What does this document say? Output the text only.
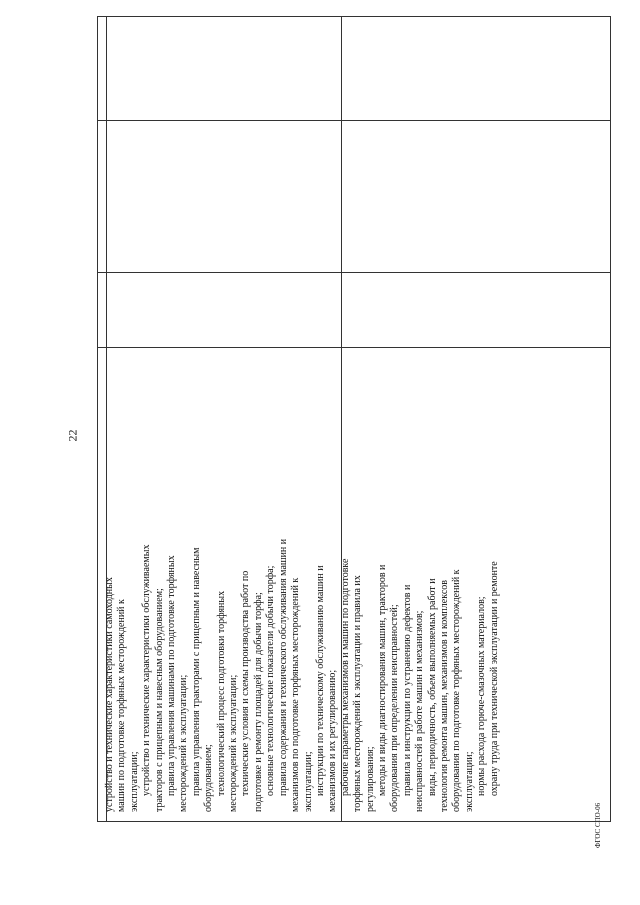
22
ФГОС СПО-06

устройство и технические характеристики самоходных машин по подготовке торфяных месторождений к эксплуатации; устройство и технические характеристики обслуживаемых тракторов с прицепным и навесным оборудованием; правила управления машинами по подготовке торфяных месторождений к эксплуатации; правила управления тракторами с прицепным и навесным оборудованием; технологический процесс подготовки торфяных месторождений к эксплуатации; технические условия и схемы производства работ по подготовке и ремонту площадей для добычи торфа; основные технологические показатели добычи торфа; правила содержания и технического обслуживания машин и механизмов по подготовке торфяных месторождений к эксплуатации; инструкции по техническому обслуживанию машин и механизмов и их регулированию; рабочие параметры механизмов и машин по подготовке торфяных месторождений к эксплуатации и правила их регулирования; методы и виды диагностирования машин, тракторов и оборудования при определении неисправностей; правила и инструкции по устранению дефектов и неисправностей в работе машин и механизмов; виды, периодичность, объем выполняемых работ и технология ремонта машин, механизмов и комплексов оборудования по подготовке торфяных месторождений к эксплуатации; нормы расхода горюче-смазочных материалов; охрану труда при технической эксплуатации и ремонте
